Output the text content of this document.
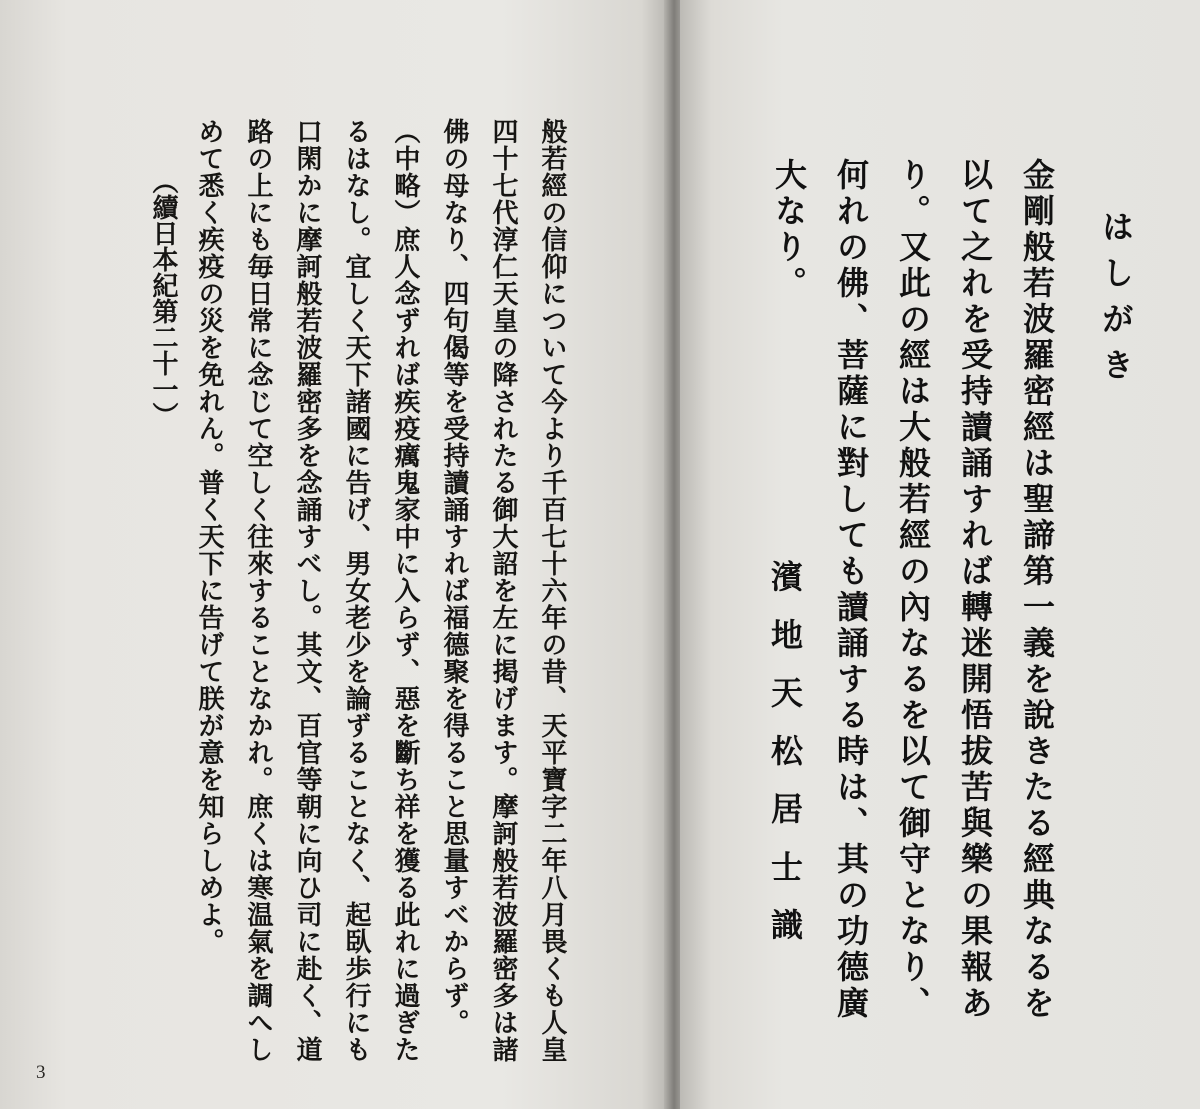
般若經の信仰について今より千百七十六年の昔、天平寶字二年八月畏くも人皇四十七代淳仁天皇の降されたる御大詔を左に掲げます。摩訶般若波羅密多は諸佛の母なり、四句偈等を受持讀誦すれば福德聚を得ること思量すべからず。（中略）庶人念ずれば疾疫癘鬼家中に入らず、惡を斷ち祥を獲る此れに過ぎたるはなし。宜しく天下諸國に告げ、男女老少を論ずることなく、起臥歩行にも口閑かに摩訶般若波羅密多を念誦すべし。其文、百官等朝に向ひ司に赴く、道路の上にも毎日常に念じて空しく往來することなかれ。庶くは寒温氣を調へしめて悉く疾疫の災を免れん。普く天下に告げて朕が意を知らしめよ。

（續日本紀第二十一）
3
はしがき

金剛般若波羅密經は聖諦第一義を說きたる經典なるを以て之れを受持讀誦すれば轉迷開悟拔苦與樂の果報あり。又此の經は大般若經の內なるを以て御守となり、何れの佛、菩薩に對しても讀誦する時は、其の功德廣大なり。

濱地天松居士識
